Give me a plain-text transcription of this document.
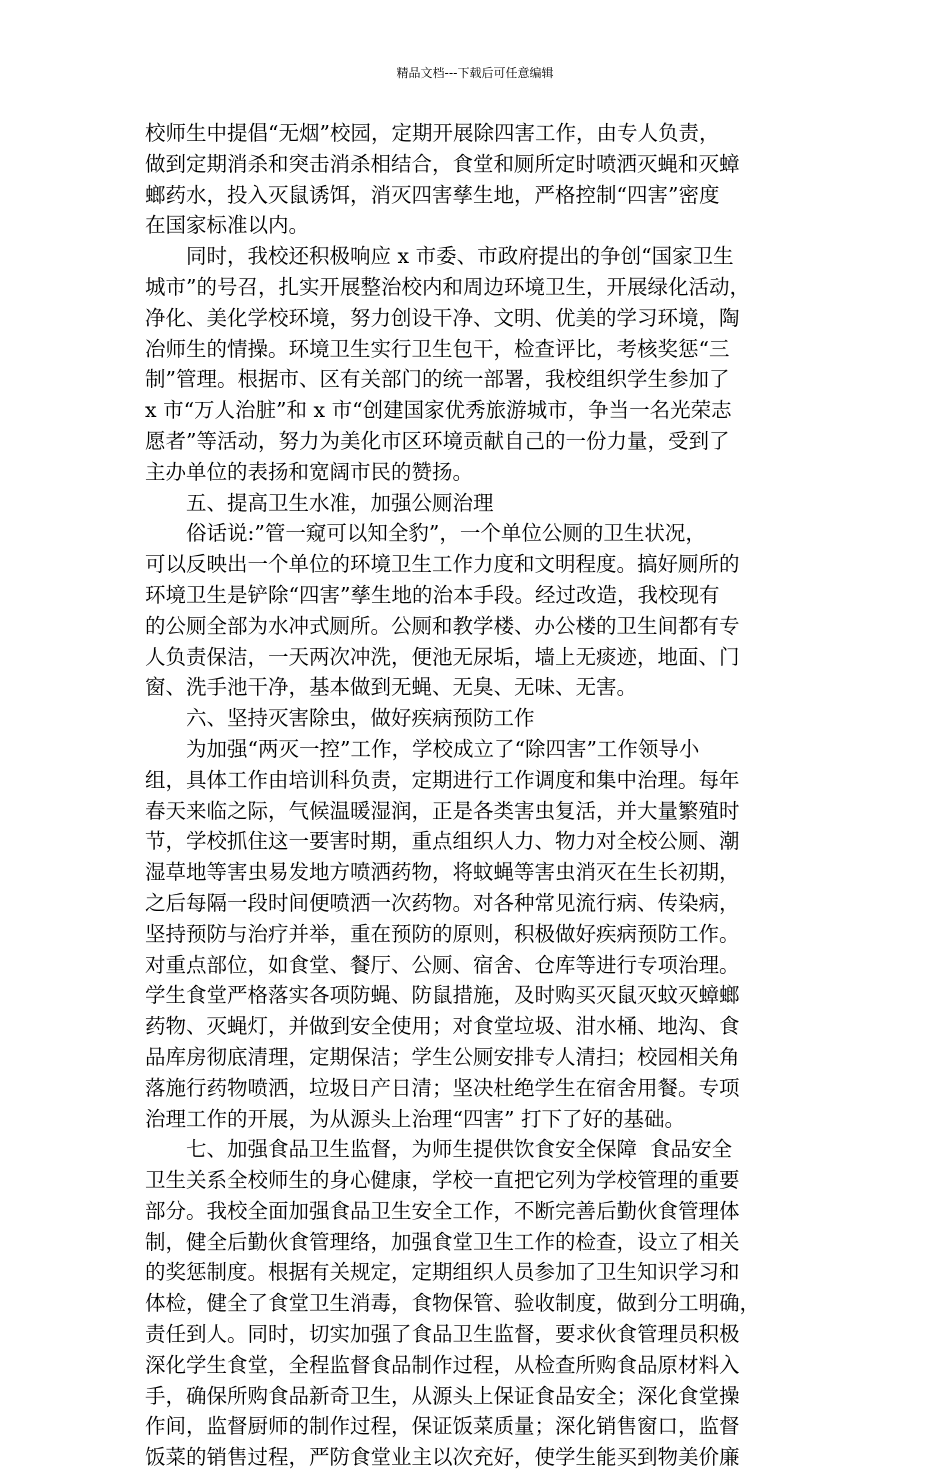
精品文档---下载后可任意编辑
校师生中提倡“无烟”校园，定期开展除四害工作，由专人负责，
做到定期消杀和突击消杀相结合，食堂和厕所定时喷洒灭蝇和灭蟑
螂药水，投入灭鼠诱饵，消灭四害孳生地，严格控制“四害”密度
在国家标准以内。
　　同时，我校还积极响应 x 市委、市政府提出的争创“国家卫生
城市”的号召，扎实开展整治校内和周边环境卫生，开展绿化活动，
净化、美化学校环境，努力创设干净、文明、优美的学习环境，陶
冶师生的情操。环境卫生实行卫生包干，检查评比，考核奖惩“三
制”管理。根据市、区有关部门的统一部署，我校组织学生参加了
x 市“万人治脏”和 x 市“创建国家优秀旅游城市，争当一名光荣志
愿者”等活动，努力为美化市区环境贡献自己的一份力量，受到了
主办单位的表扬和宽阔市民的赞扬。
　　五、提高卫生水准，加强公厕治理
　　俗话说:”管一窥可以知全豹”，一个单位公厕的卫生状况，
可以反映出一个单位的环境卫生工作力度和文明程度。搞好厕所的
环境卫生是铲除“四害”孳生地的治本手段。经过改造，我校现有
的公厕全部为水冲式厕所。公厕和教学楼、办公楼的卫生间都有专
人负责保洁，一天两次冲洗，便池无尿垢，墙上无痰迹，地面、门
窗、洗手池干净，基本做到无蝇、无臭、无味、无害。
　　六、坚持灭害除虫，做好疾病预防工作
　　为加强“两灭一控”工作，学校成立了“除四害”工作领导小
组，具体工作由培训科负责，定期进行工作调度和集中治理。每年
春天来临之际，气候温暖湿润，正是各类害虫复活，并大量繁殖时
节，学校抓住这一要害时期，重点组织人力、物力对全校公厕、潮
湿草地等害虫易发地方喷洒药物，将蚊蝇等害虫消灭在生长初期，
之后每隔一段时间便喷洒一次药物。对各种常见流行病、传染病，
坚持预防与治疗并举，重在预防的原则，积极做好疾病预防工作。
对重点部位，如食堂、餐厅、公厕、宿舍、仓库等进行专项治理。
学生食堂严格落实各项防蝇、防鼠措施，及时购买灭鼠灭蚊灭蟑螂
药物、灭蝇灯，并做到安全使用；对食堂垃圾、泔水桶、地沟、食
品库房彻底清理，定期保洁；学生公厕安排专人清扫；校园相关角
落施行药物喷洒，垃圾日产日清；坚决杜绝学生在宿舍用餐。专项
治理工作的开展，为从源头上治理“四害” 打下了好的基础。
　　七、加强食品卫生监督，为师生提供饮食安全保障  食品安全
卫生关系全校师生的身心健康，学校一直把它列为学校管理的重要
部分。我校全面加强食品卫生安全工作，不断完善后勤伙食管理体
制，健全后勤伙食管理络，加强食堂卫生工作的检查，设立了相关
的奖惩制度。根据有关规定，定期组织人员参加了卫生知识学习和
体检，健全了食堂卫生消毒，食物保管、验收制度，做到分工明确，
责任到人。同时，切实加强了食品卫生监督，要求伙食管理员积极
深化学生食堂，全程监督食品制作过程，从检查所购食品原材料入
手，确保所购食品新奇卫生，从源头上保证食品安全；深化食堂操
作间，监督厨师的制作过程，保证饭菜质量；深化销售窗口，监督
饭菜的销售过程，严防食堂业主以次充好，使学生能买到物美价廉
